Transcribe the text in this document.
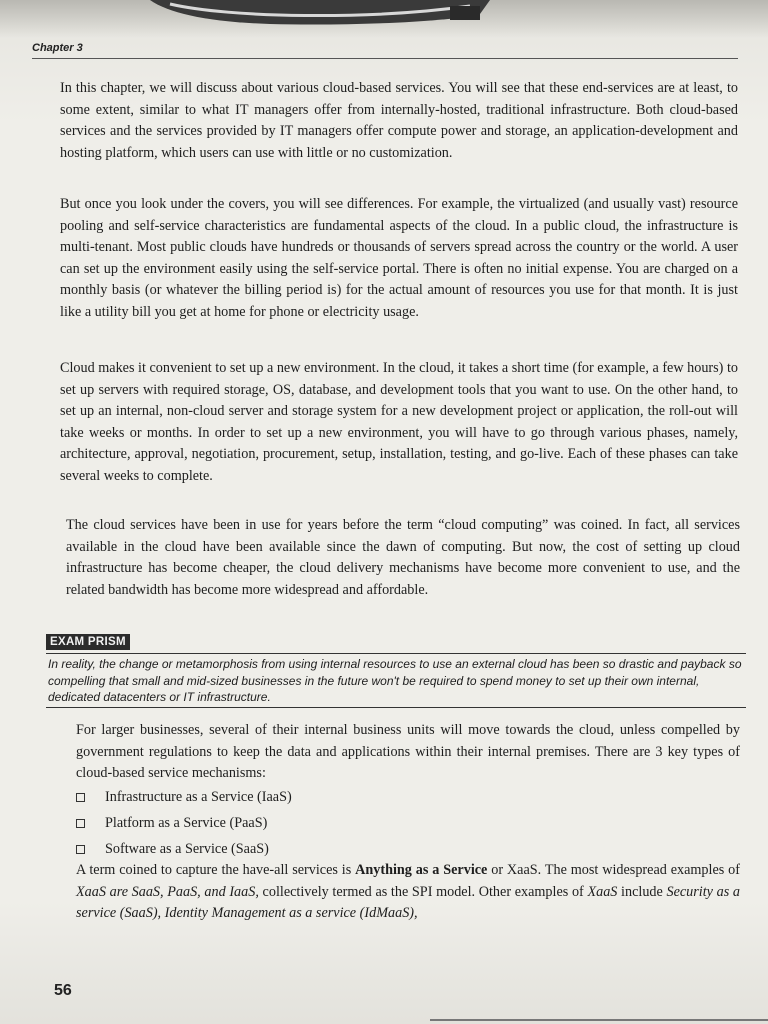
Chapter 3

In this chapter, we will discuss about various cloud-based services. You will see that these end-services are at least, to some extent, similar to what IT managers offer from internally-hosted, traditional infrastructure. Both cloud-based services and the services provided by IT managers offer compute power and storage, an application-development and hosting platform, which users can use with little or no customization.

But once you look under the covers, you will see differences. For example, the virtualized (and usually vast) resource pooling and self-service characteristics are fundamental aspects of the cloud. In a public cloud, the infrastructure is multi-tenant. Most public clouds have hundreds or thousands of servers spread across the country or the world. A user can set up the environment easily using the self-service portal. There is often no initial expense. You are charged on a monthly basis (or whatever the billing period is) for the actual amount of resources you use for that month. It is just like a utility bill you get at home for phone or electricity usage.

Cloud makes it convenient to set up a new environment. In the cloud, it takes a short time (for example, a few hours) to set up servers with required storage, OS, database, and development tools that you want to use. On the other hand, to set up an internal, non-cloud server and storage system for a new development project or application, the roll-out will take weeks or months. In order to set up a new environment, you will have to go through various phases, namely, architecture, approval, negotiation, procurement, setup, installation, testing, and go-live. Each of these phases can take several weeks to complete.

The cloud services have been in use for years before the term “cloud computing” was coined. In fact, all services available in the cloud have been available since the dawn of computing. But now, the cost of setting up cloud infrastructure has become cheaper, the cloud delivery mechanisms have become more convenient to use, and the related bandwidth has become more widespread and affordable.

EXAM PRISM

In reality, the change or metamorphosis from using internal resources to use an external cloud has been so drastic and payback so compelling that small and mid-sized businesses in the future won't be required to spend money to set up their own internal, dedicated datacenters or IT infrastructure.

For larger businesses, several of their internal business units will move towards the cloud, unless compelled by government regulations to keep the data and applications within their internal premises. There are 3 key types of cloud-based service mechanisms:

Infrastructure as a Service (IaaS)
Platform as a Service (PaaS)
Software as a Service (SaaS)

A term coined to capture the have-all services is Anything as a Service or XaaS. The most widespread examples of XaaS are SaaS, PaaS, and IaaS, collectively termed as the SPI model. Other examples of XaaS include Security as a service (SaaS), Identity Management as a service (IdMaaS),

56
